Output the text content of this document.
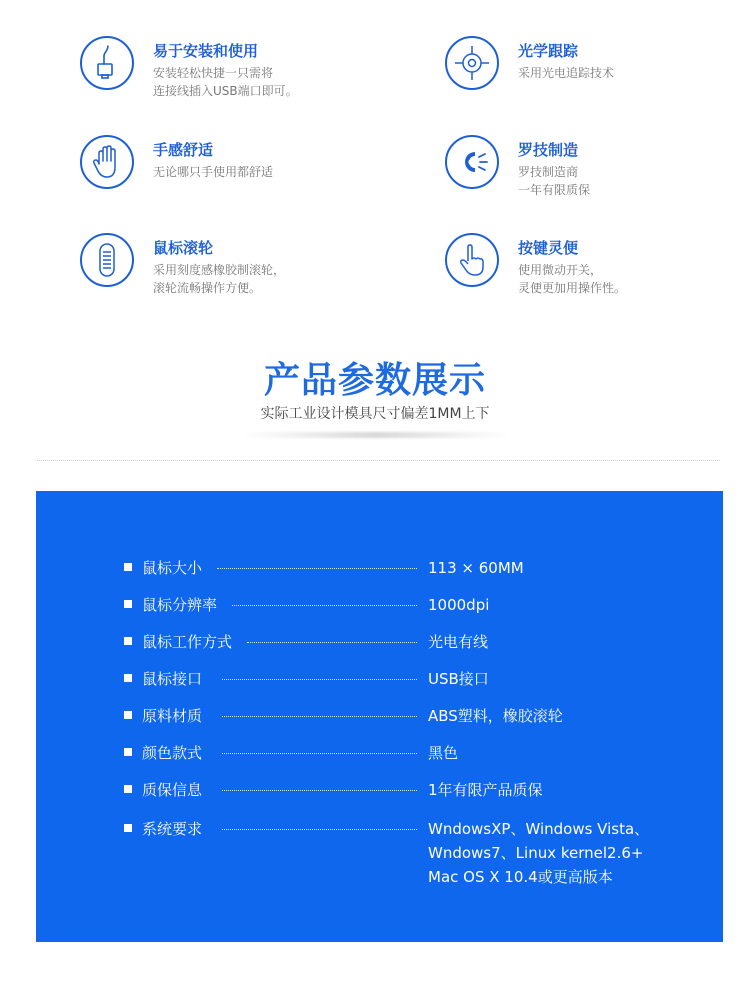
易于安装和使用
安装轻松快捷一只需将
连接线插入USB端口即可。
光学跟踪
采用光电追踪技术
手感舒适
无论哪只手使用都舒适
罗技制造
罗技制造商
一年有限质保
鼠标滚轮
采用刻度感橡胶制滚轮，
滚轮流畅操作方便。
按键灵便
使用微动开关，
灵便更加用操作性。
产品参数展示
实际工业设计模具尺寸偏差1MM上下
鼠标大小	113 × 60MM
鼠标分辨率	1000dpi
鼠标工作方式	光电有线
鼠标接口	USB接口
原料材质	ABS塑料，橡胶滚轮
颜色款式	黑色
质保信息	1年有限产品质保
系统要求	WndowsXP、Windows Vista、
Wndows7、Linux kernel2.6+
Mac OS X 10.4或更高版本
